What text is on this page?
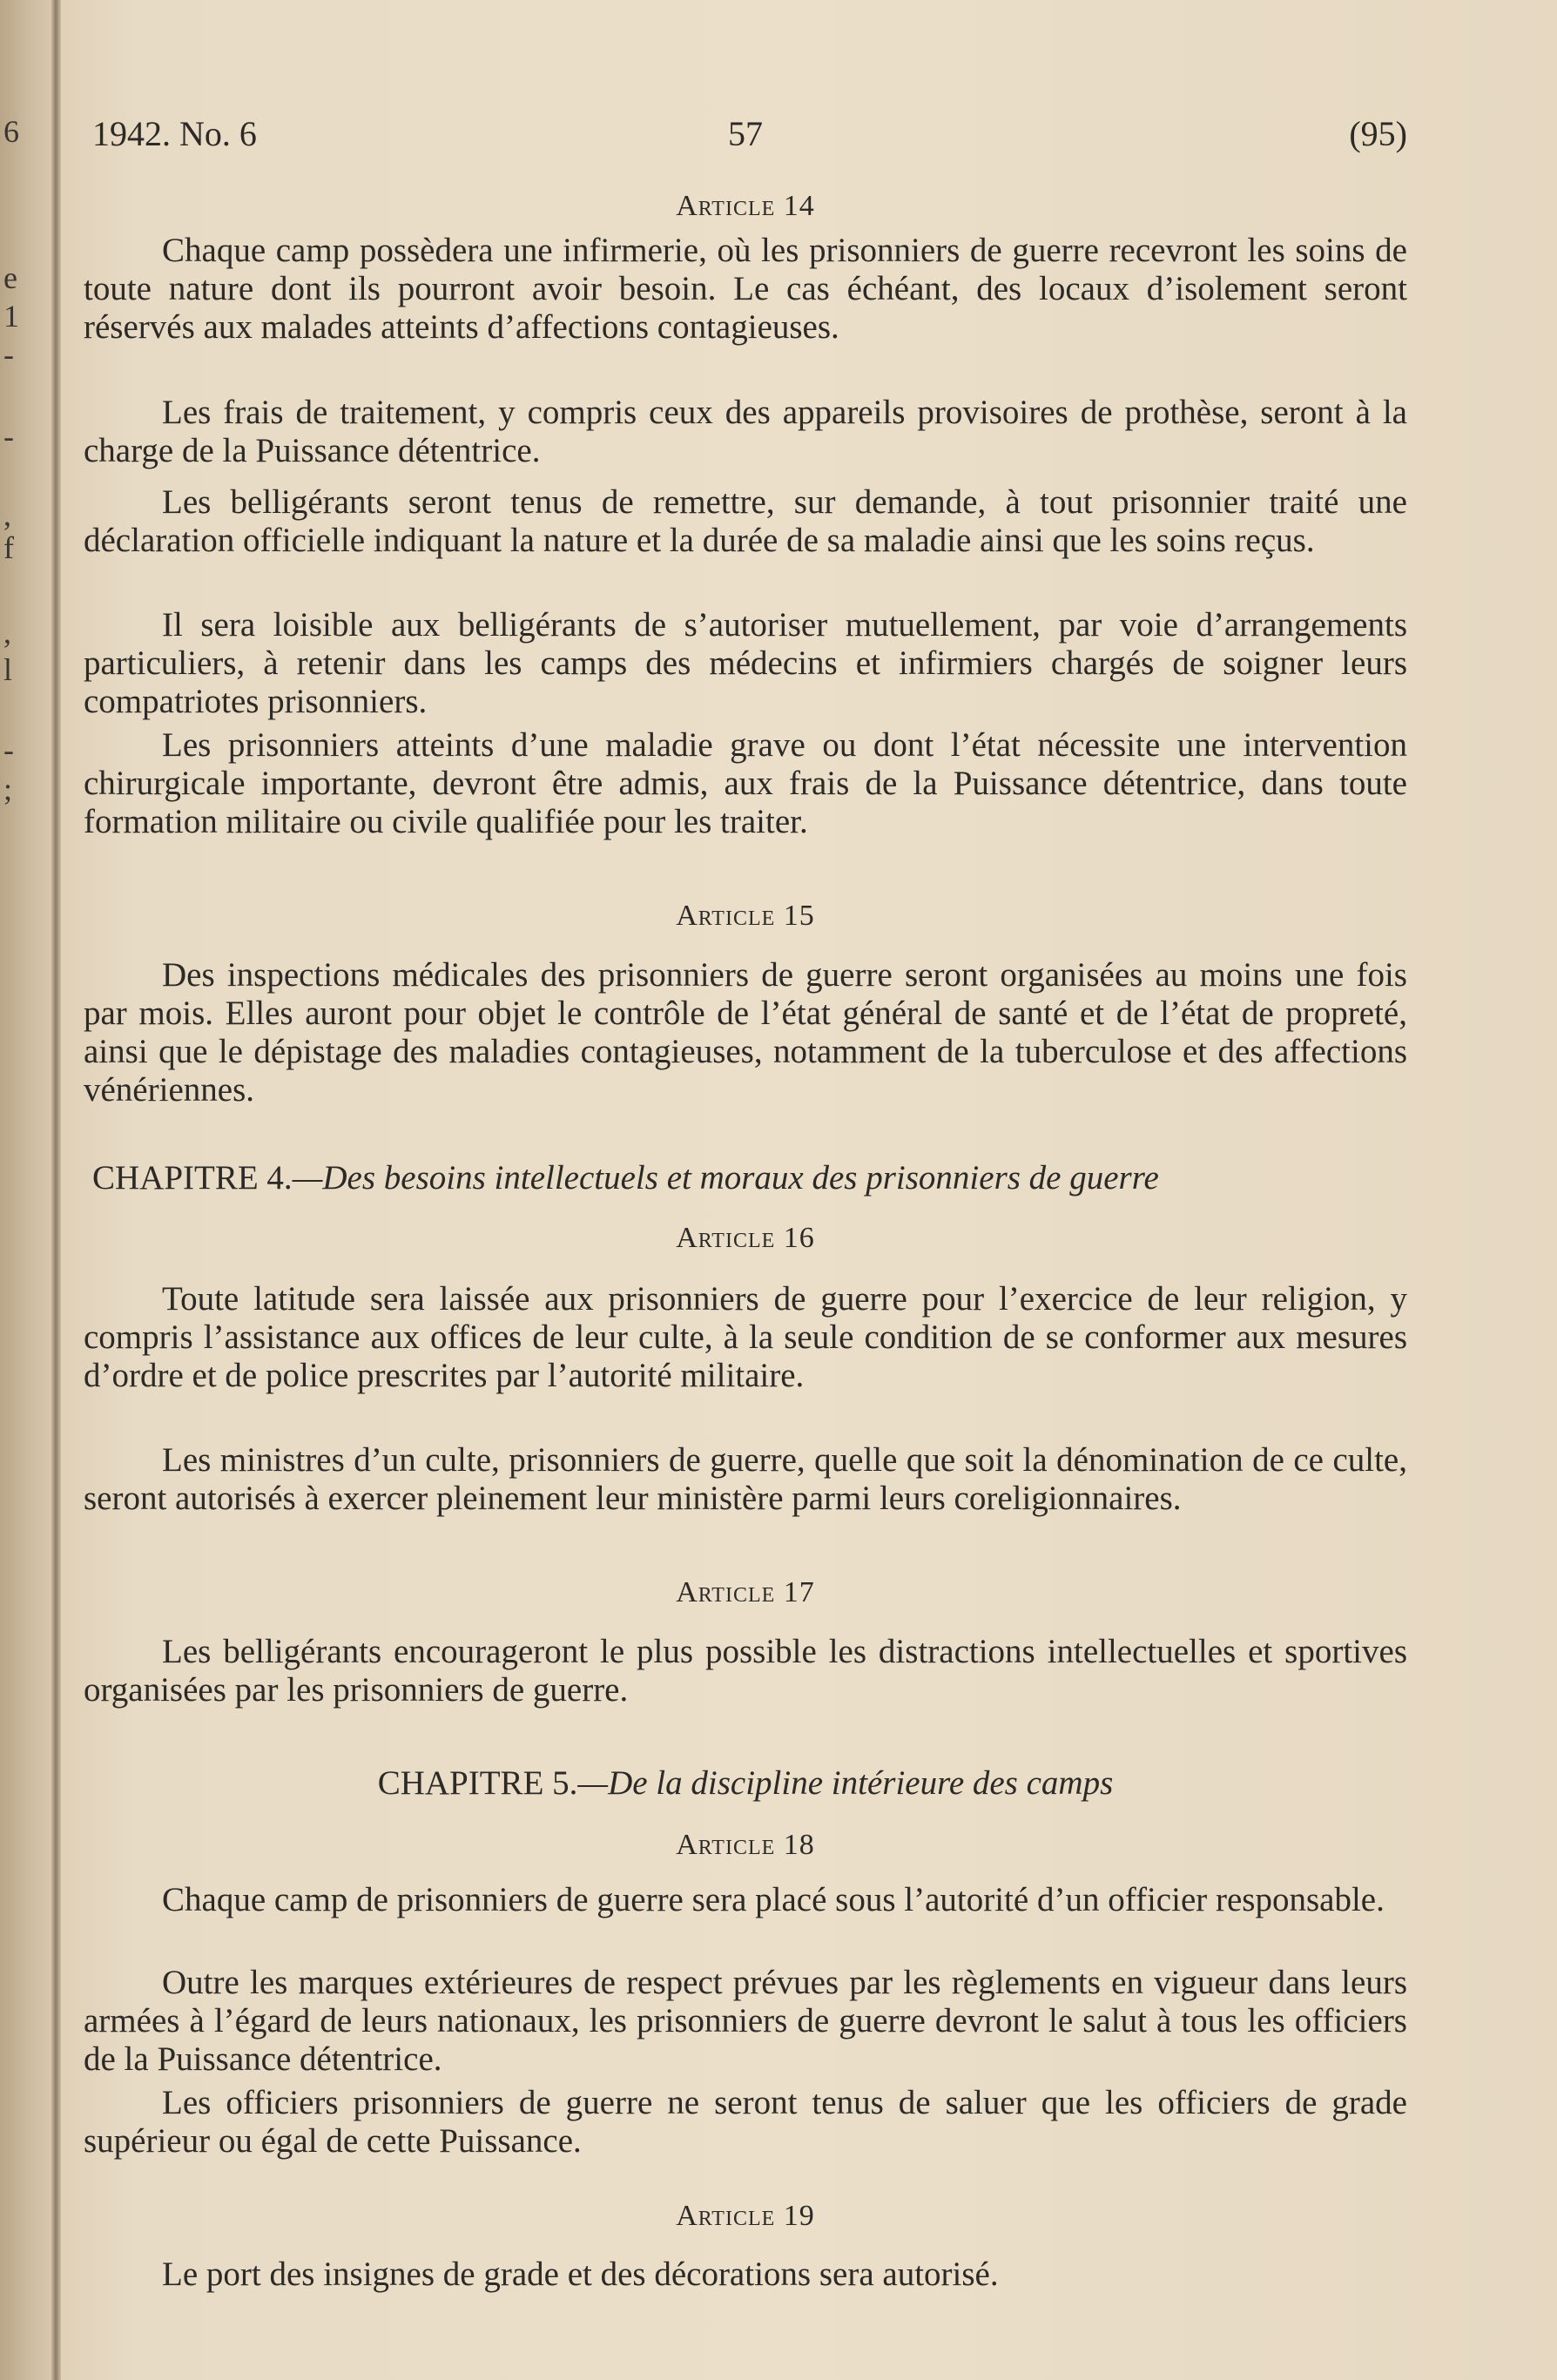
6
e
1
-
-
,
f
,
l
-
;
1942. No. 6	57	(95)
Article 14

Chaque camp possèdera une infirmerie, où les prisonniers de guerre recevront les soins de toute nature dont ils pourront avoir besoin. Le cas échéant, des locaux d’isolement seront réservés aux malades atteints d’affections contagieuses.

Les frais de traitement, y compris ceux des appareils provisoires de prothèse, seront à la charge de la Puissance détentrice.

Les belligérants seront tenus de remettre, sur demande, à tout prisonnier traité une déclaration officielle indiquant la nature et la durée de sa maladie ainsi que les soins reçus.

Il sera loisible aux belligérants de s’autoriser mutuellement, par voie d’arrangements particuliers, à retenir dans les camps des médecins et infirmiers chargés de soigner leurs compatriotes prisonniers.

Les prisonniers atteints d’une maladie grave ou dont l’état nécessite une intervention chirurgicale importante, devront être admis, aux frais de la Puissance détentrice, dans toute formation militaire ou civile qualifiée pour les traiter.

Article 15

Des inspections médicales des prisonniers de guerre seront organisées au moins une fois par mois. Elles auront pour objet le contrôle de l’état général de santé et de l’état de propreté, ainsi que le dépistage des maladies contagieuses, notamment de la tuberculose et des affections vénériennes.

CHAPITRE 4.—Des besoins intellectuels et moraux des prisonniers de guerre
Article 16

Toute latitude sera laissée aux prisonniers de guerre pour l’exercice de leur religion, y compris l’assistance aux offices de leur culte, à la seule condition de se conformer aux mesures d’ordre et de police prescrites par l’autorité militaire.

Les ministres d’un culte, prisonniers de guerre, quelle que soit la dénomination de ce culte, seront autorisés à exercer pleinement leur ministère parmi leurs coreligionnaires.

Article 17

Les belligérants encourageront le plus possible les distractions intellectuelles et sportives organisées par les prisonniers de guerre.

CHAPITRE 5.—De la discipline intérieure des camps
Article 18

Chaque camp de prisonniers de guerre sera placé sous l’autorité d’un officier responsable.

Outre les marques extérieures de respect prévues par les règlements en vigueur dans leurs armées à l’égard de leurs nationaux, les prisonniers de guerre devront le salut à tous les officiers de la Puissance détentrice.

Les officiers prisonniers de guerre ne seront tenus de saluer que les officiers de grade supérieur ou égal de cette Puissance.

Article 19

Le port des insignes de grade et des décorations sera autorisé.
